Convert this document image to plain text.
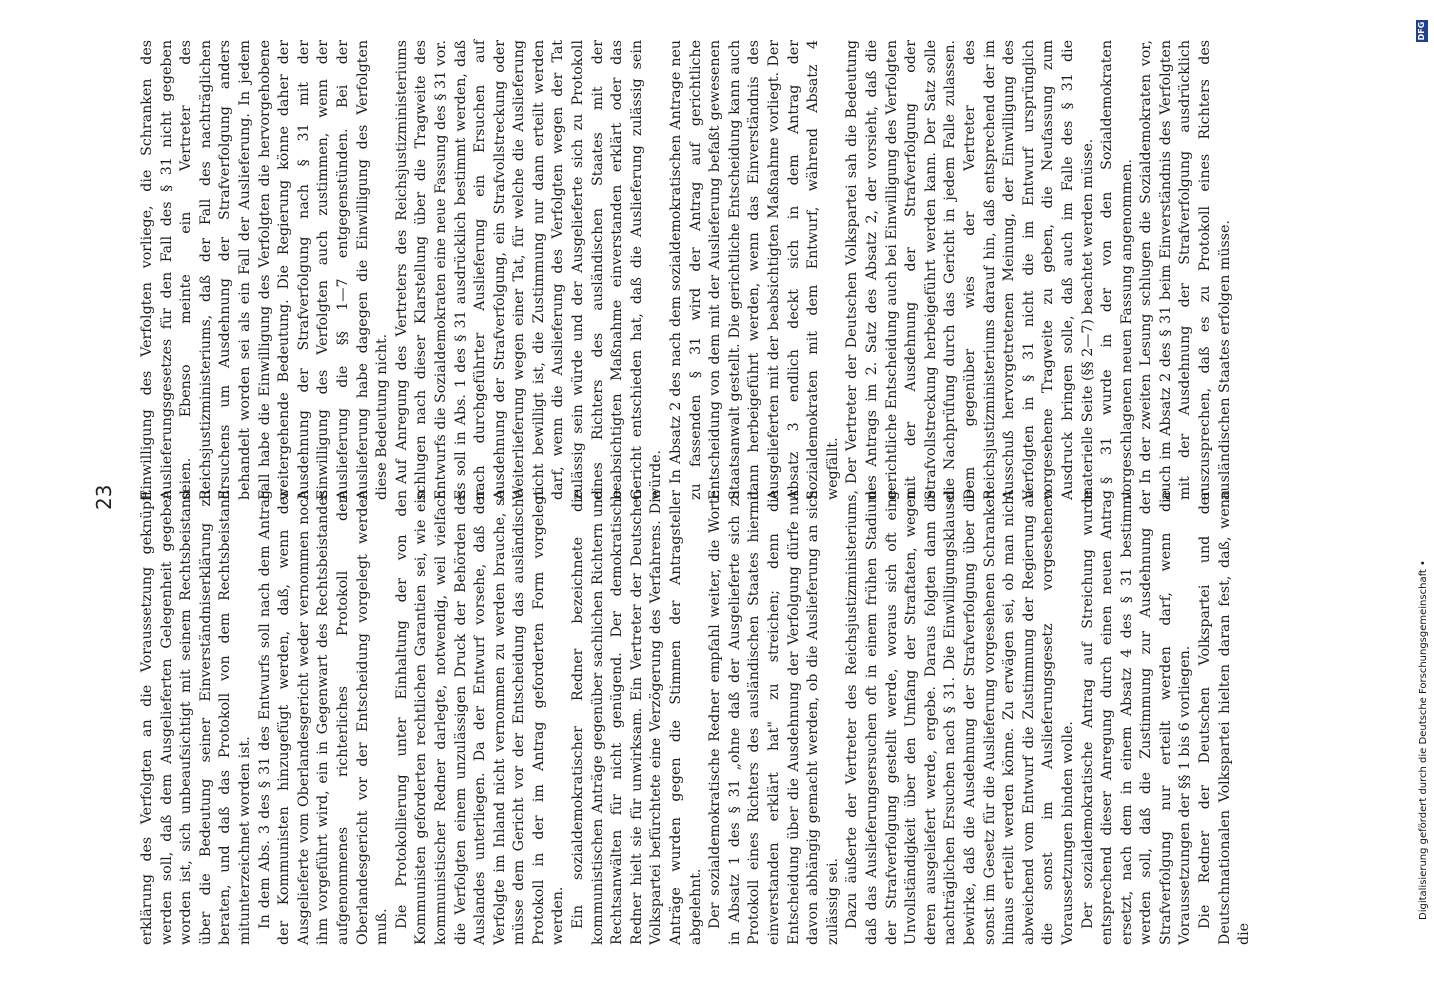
23 erklärung des Verfolgten an die Voraussetzung geknüpft werden soll, daß dem Ausgelieferten Gelegenheit gegeben worden ist, sich unbeaufsichtigt mit seinem Rechtsbeistand über die Bedeutung seiner Einverständniserklärung zu beraten, und daß das Protokoll von dem Rechtsbeistand mitunterzeichnet worden ist. In dem Abs. 3 des § 31 des Entwurfs soll nach dem Antrag der Kommunisten hinzugefügt werden, daß, wenn der Ausgelieferte vom Oberlandesgericht weder vernommen noch ihm vorgeführt wird, ein in Gegenwart des Rechtsbeistandes aufgenommenes richterliches Protokoll dem Oberlandesgericht vor der Entscheidung vorgelegt werden muß. Die Protokollierung unter Einhaltung der von den Kommunisten geforderten rechtlichen Garantien sei, wie ein kommunistischer Redner darlegte, notwendig, weil vielfach die Verfolgten einem unzulässigen Druck der Behörden des Auslandes unterliegen. Da der Entwurf vorsehe, daß der Verfolgte im Inland nicht vernommen zu werden brauche, so müsse dem Gericht vor der Entscheidung das ausländische Protokoll in der im Antrag geforderten Form vorgelegt werden. Ein sozialdemokratischer Redner bezeichnete die kommunistischen Anträge gegenüber sachlichen Richtern und Rechtsanwälten für nicht genügend. Der demokratische Redner hielt sie für unwirksam. Ein Vertreter der Deutschen Volkspartei befürchtete eine Verzögerung des Verfahrens. Die Anträge wurden gegen die Stimmen der Antragsteller abgelehnt. Der sozialdemokratische Redner empfahl weiter, die Worte in Absatz 1 des § 31 „ohne daß der Ausgelieferte sich zu Protokoll eines Richters des ausländischen Staates hiermit einverstanden erklärt hat" zu streichen; denn die Entscheidung über die Ausdehnung der Verfolgung dürfe nur davon abhängig gemacht werden, ob die Auslieferung an sich zulässig sei. Dazu äußerte der Vertreter des Reichsjustizministeriums, daß das Auslieferungsersuchen oft in einem frühen Stadium der Strafverfolgung gestellt werde, woraus sich oft eine Unvollständigkeit über den Umfang der Straftaten, wegen deren ausgeliefert werde, ergebe. Daraus folgten dann die nachträglichen Ersuchen nach § 31. Die Einwilligungsklausel bewirke, daß die Ausdehnung der Strafverfolgung über die sonst im Gesetz für die Auslieferung vorgesehenen Schranken hinaus erteilt werden könne. Zu erwägen sei, ob man nicht abweichend vom Entwurf die Zustimmung der Regierung an die sonst im Auslieferungsgesetz vorgesehenen Voraussetzungen binden wolle. Der sozialdemokratische Antrag auf Streichung wurde entsprechend dieser Anregung durch einen neuen Antrag ersetzt, nach dem in einem Absatz 4 des § 31 bestimmt werden soll, daß die Zustimmung zur Ausdehnung der Strafverfolgung nur erteilt werden darf, wenn die Voraussetzungen der §§ 1 bis 6 vorliegen. Die Redner der Deutschen Volkspartei und der Deutschnationalen Volkspartei hielten daran fest, daß, wenn die

Einwilligung des Verfolgten vorliege, die Schranken des Auslieferungsgesetzes für den Fall des § 31 nicht gegeben seien. Ebenso meinte ein Vertreter des Reichsjustizministeriums, daß der Fall des nachträglichen Ersuchens um Ausdehnung der Strafverfolgung anders behandelt worden sei als ein Fall der Auslieferung. In jedem Fall habe die Einwilligung des Verfolgten die hervorgehobene weitergehende Bedeutung. Die Regierung könne daher der Ausdehnung der Strafverfolgung nach § 31 mit der Einwilligung des Verfolgten auch zustimmen, wenn der Auslieferung die §§ 1—7 entgegenstünden. Bei der Auslieferung habe dagegen die Einwilligung des Verfolgten diese Bedeutung nicht. Auf Anregung des Vertreters des Reichsjustizministeriums schlugen nach dieser Klarstellung über die Tragweite des Entwurfs die Sozialdemokraten eine neue Fassung des § 31 vor. Es soll in Abs. 1 des § 31 ausdrücklich bestimmt werden, daß nach durchgeführter Auslieferung ein Ersuchen auf Ausdehnung der Strafverfolgung, ein Strafvollstreckung oder Weiterlieferung wegen einer Tat, für welche die Auslieferung nicht bewilligt ist, die Zustimmung nur dann erteilt werden darf, wenn die Auslieferung des Verfolgten wegen der Tat zulässig sein würde und der Ausgelieferte sich zu Protokoll eines Richters des ausländischen Staates mit der beabsichtigten Maßnahme einverstanden erklärt oder das Gericht entschieden hat, daß die Auslieferung zulässig sein würde. In Absatz 2 des nach dem sozialdemokratischen Antrage neu zu fassenden § 31 wird der Antrag auf gerichtliche Entscheidung von dem mit der Auslieferung befaßt gewesenen Staatsanwalt gestellt. Die gerichtliche Entscheidung kann auch dann herbeigeführt werden, wenn das Einverständnis des Ausgelieferten mit der beabsichtigten Maßnahme vorliegt. Der Absatz 3 endlich deckt sich in dem Antrag der Sozialdemokraten mit dem Entwurf, während Absatz 4 wegfällt. Der Vertreter der Deutschen Volkspartei sah die Bedeutung des Antrags im 2. Satz des Absatz 2, der vorsieht, daß die gerichtliche Entscheidung auch bei Einwilligung des Verfolgten mit der Ausdehnung der Strafverfolgung oder Strafvollstreckung herbeigeführt werden kann. Der Satz solle die Nachprüfung durch das Gericht in jedem Falle zulassen. Dem gegenüber wies der Vertreter des Reichsjustizministeriums darauf hin, daß entsprechend der im Ausschuß hervorgetretenen Meinung, der Einwilligung des Verfolgten in § 31 nicht die im Entwurf ursprünglich vorgesehene Tragweite zu geben, die Neufassung zum Ausdruck bringen solle, daß auch im Falle des § 31 die materielle Seite (§§ 2—7) beachtet werden müsse. § 31 wurde in der von den Sozialdemokraten vorgeschlagenen neuen Fassung angenommen. In der zweiten Lesung schlugen die Sozialdemokraten vor, auch im Absatz 2 des § 31 beim Einverständnis des Verfolgten mit der Ausdehnung der Strafverfolgung ausdrücklich auszusprechen, daß es zu Protokoll eines Richters des ausländischen Staates erfolgen müsse.

Digitalisierung gefördert durch die Deutsche Forschungsgemeinschaft •
DFG
